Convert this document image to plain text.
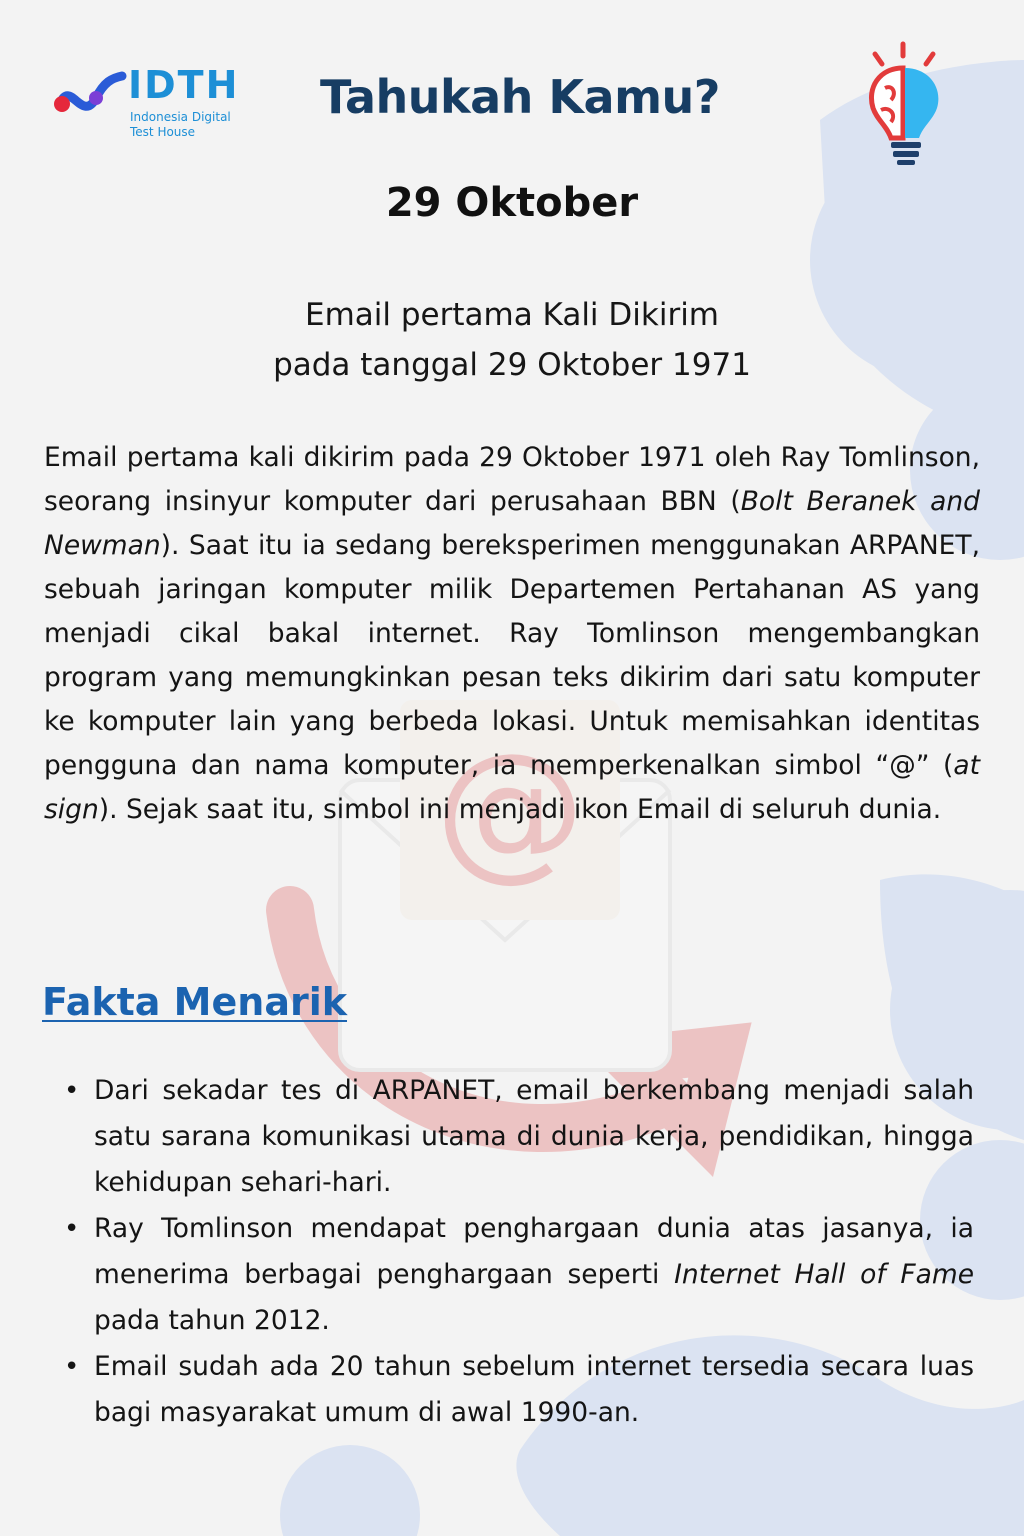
@
IDTH
Indonesia Digital
Test House
Tahukah Kamu?
29 Oktober
Email pertama Kali Dikirim
pada tanggal 29 Oktober 1971

Email pertama kali dikirim pada 29 Oktober 1971 oleh Ray Tomlinson, seorang insinyur komputer dari perusahaan BBN (Bolt Beranek and Newman). Saat itu ia sedang bereksperimen menggunakan ARPANET, sebuah jaringan komputer milik Departemen Pertahanan AS yang menjadi cikal bakal internet. Ray Tomlinson mengembangkan program yang memungkinkan pesan teks dikirim dari satu komputer ke komputer lain yang berbeda lokasi. Untuk memisahkan identitas pengguna dan nama komputer, ia memperkenalkan simbol “@” (at sign). Sejak saat itu, simbol ini menjadi ikon Email di seluruh dunia.

Fakta Menarik
• Dari sekadar tes di ARPANET, email berkembang menjadi salah satu sarana komunikasi utama di dunia kerja, pendidikan, hingga kehidupan sehari-hari.
• Ray Tomlinson mendapat penghargaan dunia atas jasanya, ia menerima berbagai penghargaan seperti Internet Hall of Fame pada tahun 2012.
• Email sudah ada 20 tahun sebelum internet tersedia secara luas bagi masyarakat umum di awal 1990-an.
